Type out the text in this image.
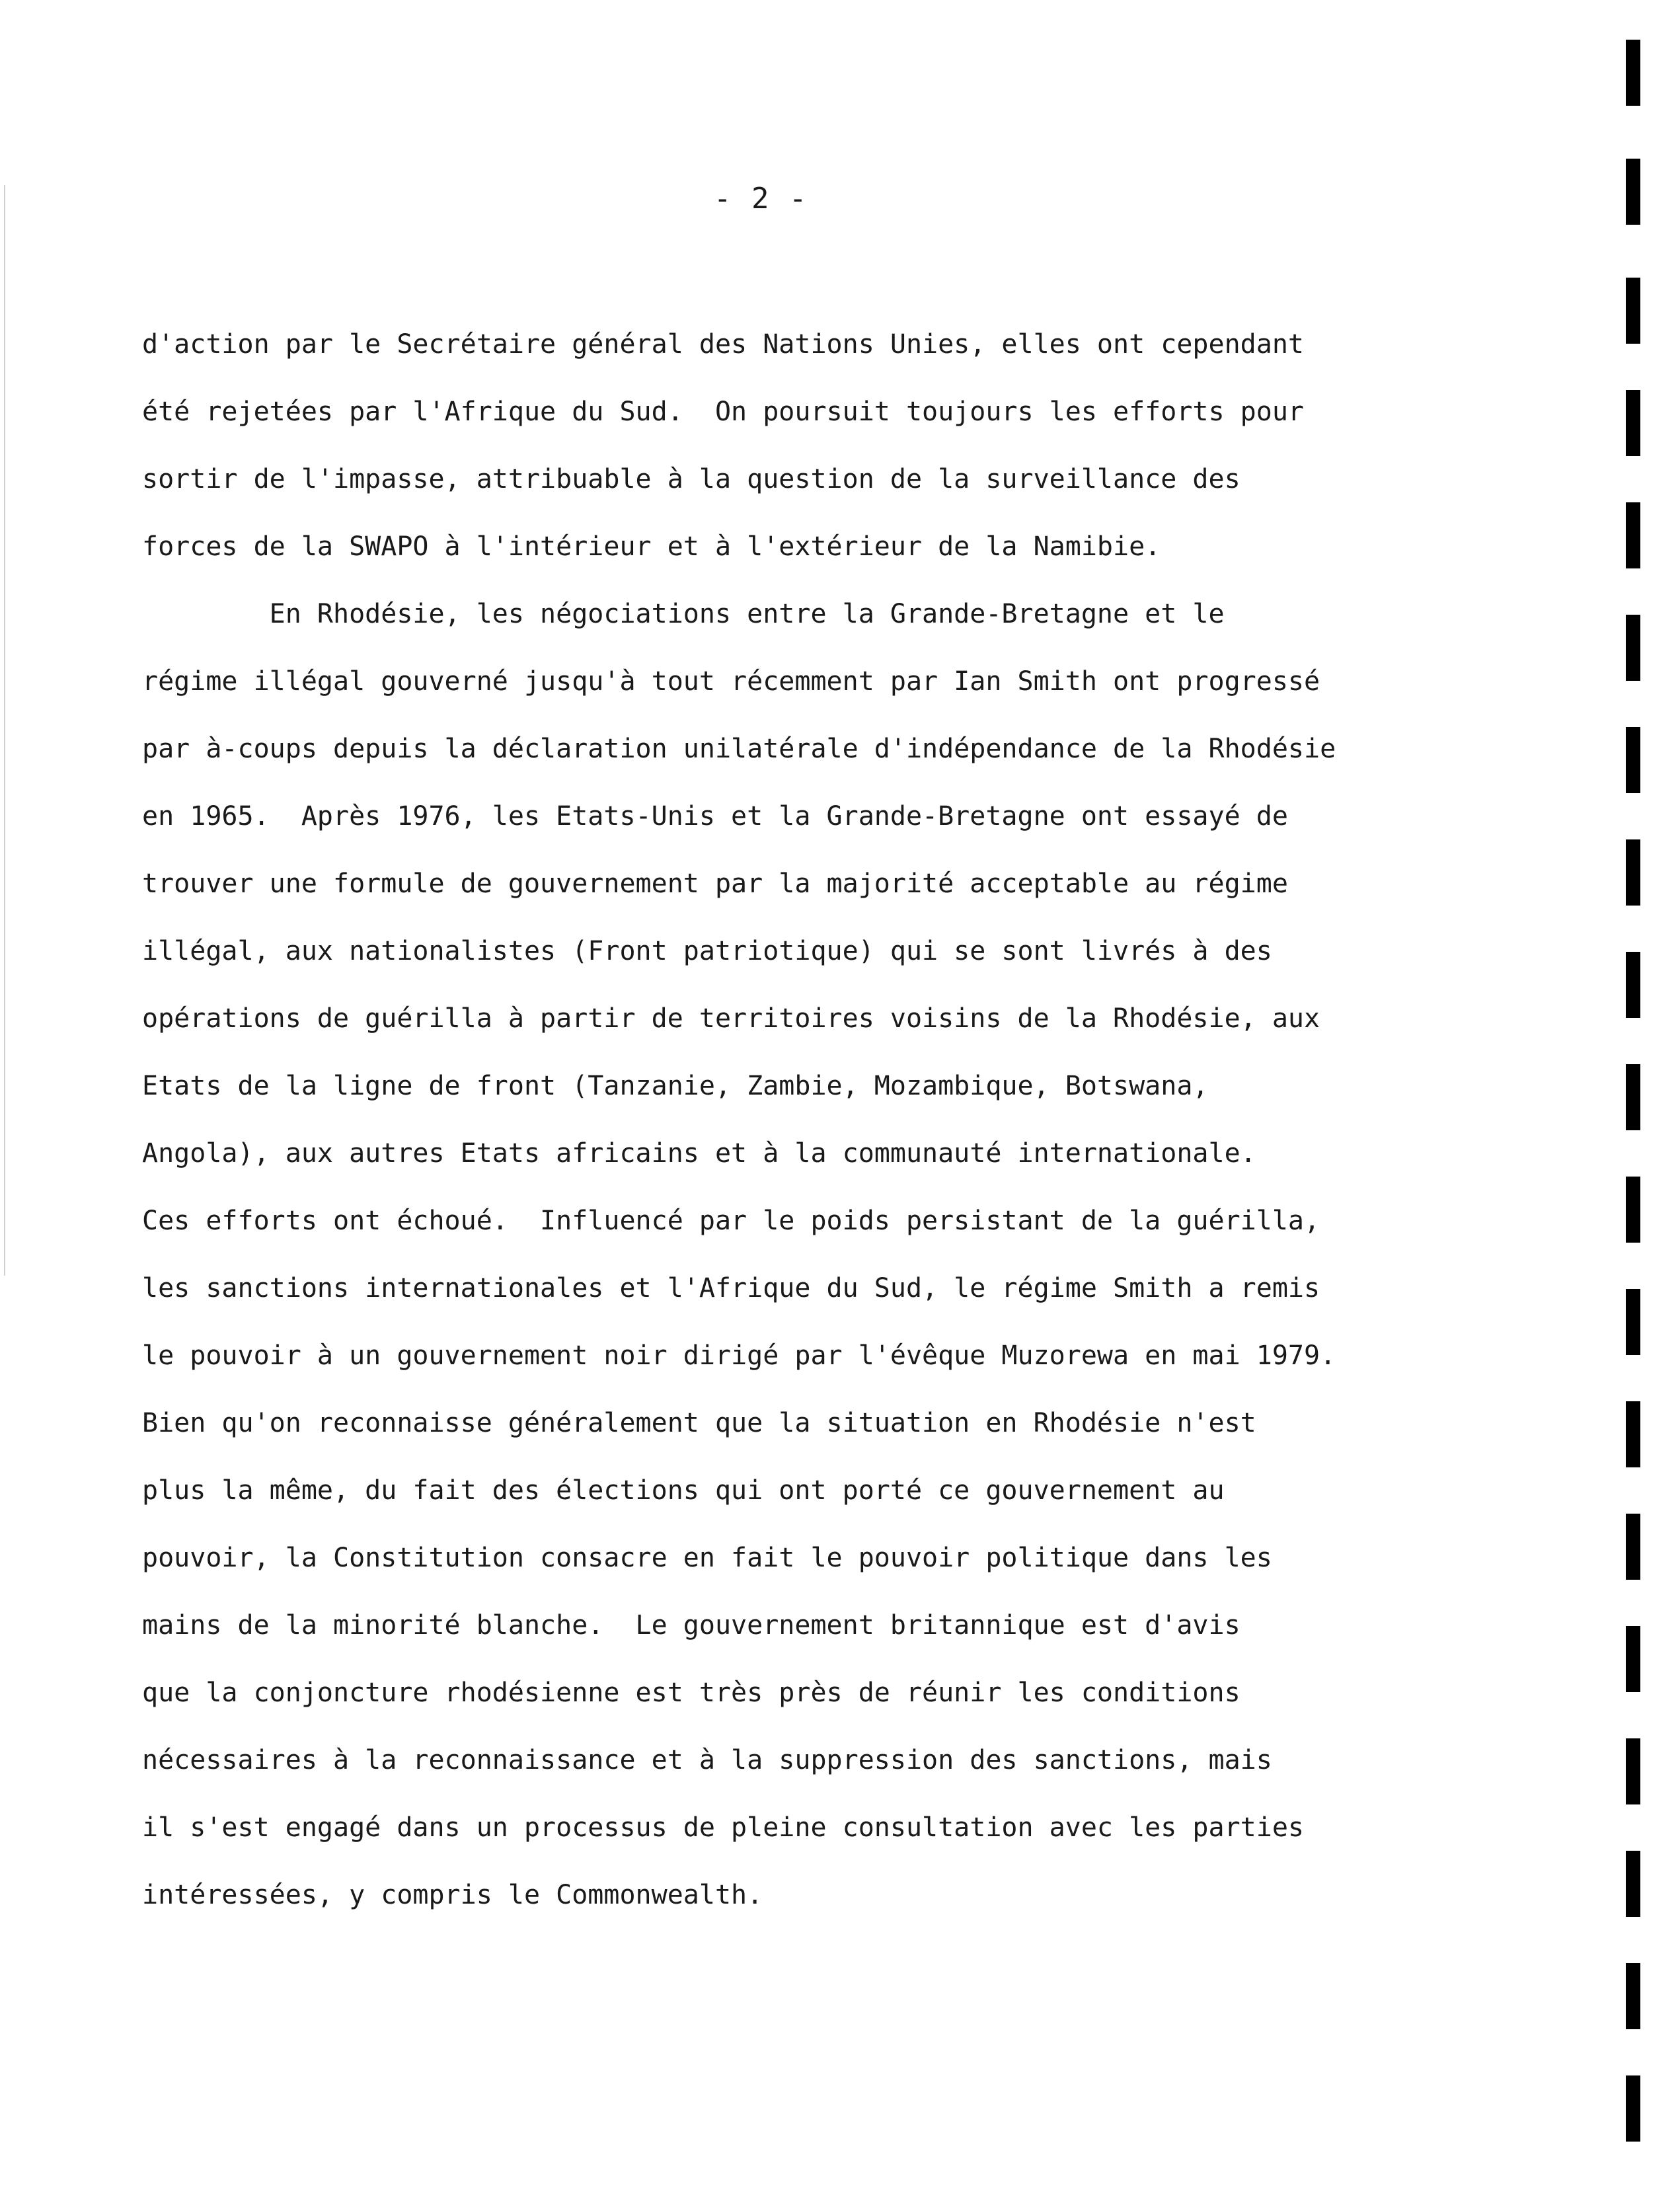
- 2 -
d'action par le Secrétaire général des Nations Unies, elles ont cependant
été rejetées par l'Afrique du Sud.  On poursuit toujours les efforts pour
sortir de l'impasse, attribuable à la question de la surveillance des
forces de la SWAPO à l'intérieur et à l'extérieur de la Namibie.
En Rhodésie, les négociations entre la Grande-Bretagne et le
régime illégal gouverné jusqu'à tout récemment par Ian Smith ont progressé
par à-coups depuis la déclaration unilatérale d'indépendance de la Rhodésie
en 1965.  Après 1976, les Etats-Unis et la Grande-Bretagne ont essayé de
trouver une formule de gouvernement par la majorité acceptable au régime
illégal, aux nationalistes (Front patriotique) qui se sont livrés à des
opérations de guérilla à partir de territoires voisins de la Rhodésie, aux
Etats de la ligne de front (Tanzanie, Zambie, Mozambique, Botswana,
Angola), aux autres Etats africains et à la communauté internationale.
Ces efforts ont échoué.  Influencé par le poids persistant de la guérilla,
les sanctions internationales et l'Afrique du Sud, le régime Smith a remis
le pouvoir à un gouvernement noir dirigé par l'évêque Muzorewa en mai 1979.
Bien qu'on reconnaisse généralement que la situation en Rhodésie n'est
plus la même, du fait des élections qui ont porté ce gouvernement au
pouvoir, la Constitution consacre en fait le pouvoir politique dans les
mains de la minorité blanche.  Le gouvernement britannique est d'avis
que la conjoncture rhodésienne est très près de réunir les conditions
nécessaires à la reconnaissance et à la suppression des sanctions, mais
il s'est engagé dans un processus de pleine consultation avec les parties
intéressées, y compris le Commonwealth.
